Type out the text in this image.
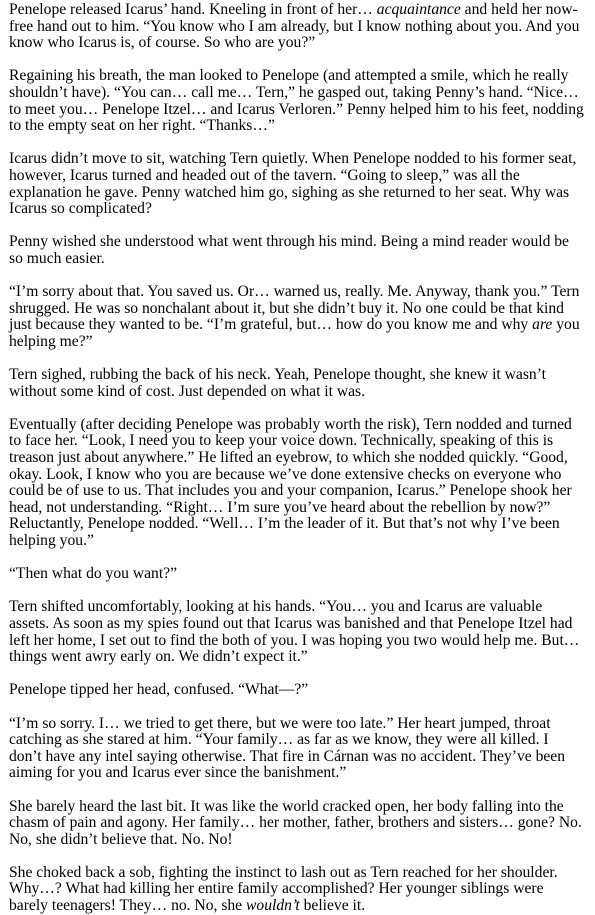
Penelope released Icarus’ hand. Kneeling in front of her… acquaintance and held her now-free hand out to him. “You know who I am already, but I know nothing about you. And you know who Icarus is, of course. So who are you?”

Regaining his breath, the man looked to Penelope (and attempted a smile, which he really shouldn’t have). “You can… call me… Tern,” he gasped out, taking Penny’s hand. “Nice… to meet you… Penelope Itzel… and Icarus Verloren.” Penny helped him to his feet, nodding to the empty seat on her right. “Thanks…”

Icarus didn’t move to sit, watching Tern quietly. When Penelope nodded to his former seat, however, Icarus turned and headed out of the tavern. “Going to sleep,” was all the explanation he gave. Penny watched him go, sighing as she returned to her seat. Why was Icarus so complicated?

Penny wished she understood what went through his mind. Being a mind reader would be so much easier.

“I’m sorry about that. You saved us. Or… warned us, really. Me. Anyway, thank you.” Tern shrugged. He was so nonchalant about it, but she didn’t buy it. No one could be that kind just because they wanted to be. “I’m grateful, but… how do you know me and why are you helping me?”

Tern sighed, rubbing the back of his neck. Yeah, Penelope thought, she knew it wasn’t without some kind of cost. Just depended on what it was.

Eventually (after deciding Penelope was probably worth the risk), Tern nodded and turned to face her. “Look, I need you to keep your voice down. Technically, speaking of this is treason just about anywhere.” He lifted an eyebrow, to which she nodded quickly. “Good, okay. Look, I know who you are because we’ve done extensive checks on everyone who could be of use to us. That includes you and your companion, Icarus.” Penelope shook her head, not understanding. “Right… I’m sure you’ve heard about the rebellion by now?” Reluctantly, Penelope nodded. “Well… I’m the leader of it. But that’s not why I’ve been helping you.”

“Then what do you want?”

Tern shifted uncomfortably, looking at his hands. “You… you and Icarus are valuable assets. As soon as my spies found out that Icarus was banished and that Penelope Itzel had left her home, I set out to find the both of you. I was hoping you two would help me. But… things went awry early on. We didn’t expect it.”

Penelope tipped her head, confused. “What—?”

“I’m so sorry. I… we tried to get there, but we were too late.” Her heart jumped, throat catching as she stared at him. “Your family… as far as we know, they were all killed. I don’t have any intel saying otherwise. That fire in Cárnan was no accident. They’ve been aiming for you and Icarus ever since the banishment.”

She barely heard the last bit. It was like the world cracked open, her body falling into the chasm of pain and agony. Her family… her mother, father, brothers and sisters… gone? No. No, she didn’t believe that. No. No!

She choked back a sob, fighting the instinct to lash out as Tern reached for her shoulder. Why…? What had killing her entire family accomplished? Her younger siblings were barely teenagers! They… no. No, she wouldn’t believe it.
